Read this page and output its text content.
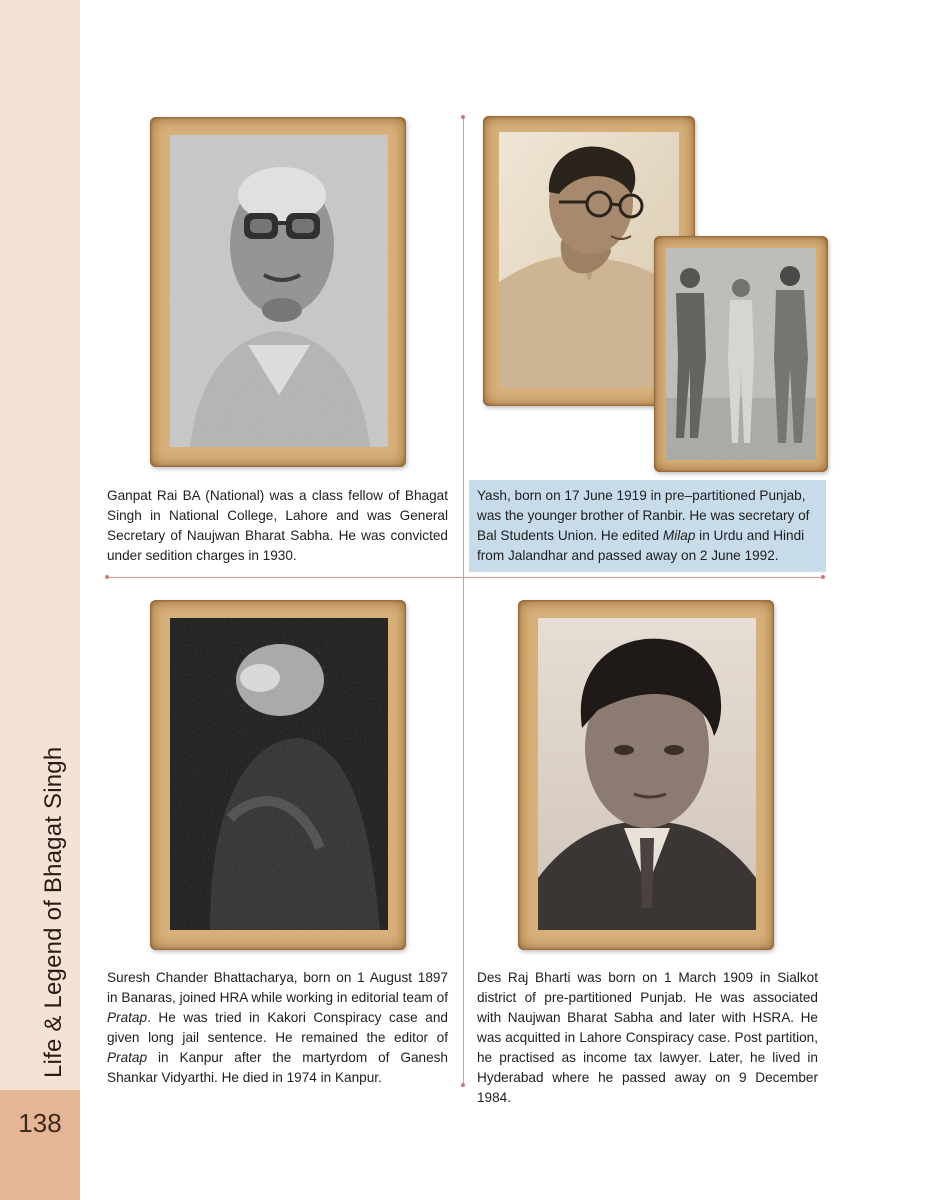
138
Life & Legend of Bhagat Singh

Ganpat Rai BA (National) was a class fellow of Bhagat Singh in National College, Lahore and was General Secretary of Naujwan Bharat Sabha. He was convicted under sedition charges in 1930.

Yash, born on 17 June 1919 in pre–partitioned Punjab, was the younger brother of Ranbir. He was secretary of Bal Students Union. He edited Milap in Urdu and Hindi from Jalandhar and passed away on 2 June 1992.

Suresh Chander Bhattacharya, born on 1 August 1897 in Banaras, joined HRA while working in editorial team of Pratap. He was tried in Kakori Conspiracy case and given long jail sentence. He remained the editor of Pratap in Kanpur after the martyrdom of Ganesh Shankar Vidyarthi. He died in 1974 in Kanpur.

Des Raj Bharti was born on 1 March 1909 in Sialkot district of pre-partitioned Punjab. He was associated with Naujwan Bharat Sabha and later with HSRA. He was acquitted in Lahore Conspiracy case. Post partition, he practised as income tax lawyer. Later, he lived in Hyderabad where he passed away on 9 December 1984.
